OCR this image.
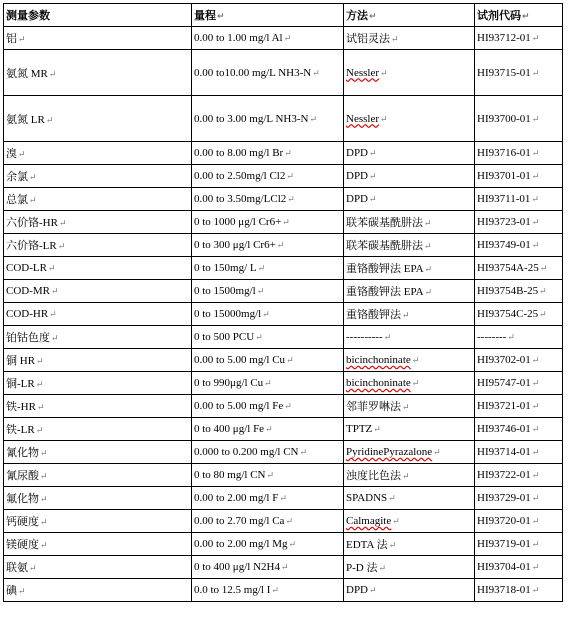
测量参数	量程↵	方法↵	试剂代码↵
铝↵	0.00 to 1.00 mg/l Al↵	试铝灵法↵	HI93712-01↵
氨氮 MR↵	0.00 to10.00 mg/L NH3-N↵	Nessler↵	HI93715-01↵
氨氮 LR↵	0.00 to 3.00 mg/L NH3-N↵	Nessler↵	HI93700-01↵
溴↵	0.00 to 8.00 mg/l Br↵	DPD↵	HI93716-01↵
余氯↵	0.00 to 2.50mg/l Cl2↵	DPD↵	HI93701-01↵
总氯↵	0.00 to 3.50mg/LCl2↵	DPD↵	HI93711-01↵
六价铬-HR↵	0 to 1000 μg/l Cr6+↵	联苯碳基酰肼法↵	HI93723-01↵
六价铬-LR↵	0 to 300 μg/l Cr6+↵	联苯碳基酰肼法↵	HI93749-01↵
COD-LR↵	0 to 150mg/ L↵	重铬酸钾法 EPA↵	HI93754A-25↵
COD-MR↵	0 to 1500mg/l↵	重铬酸钾法 EPA↵	HI93754B-25↵
COD-HR↵	0 to 15000mg/l↵	重铬酸钾法↵	HI93754C-25↵
铂钴色度↵	0 to 500 PCU↵	----------↵	--------↵
铜 HR↵	0.00 to 5.00 mg/l Cu↵	bicinchoninate↵	HI93702-01↵
铜-LR↵	0 to 990μg/l Cu↵	bicinchoninate↵	HI95747-01↵
铁-HR↵	0.00 to 5.00 mg/l Fe↵	邻菲罗啉法↵	HI93721-01↵
铁-LR↵	0 to 400 μg/l Fe↵	TPTZ↵	HI93746-01↵
氰化物↵	0.000 to 0.200 mg/l CN↵	PyridinePyrazalone↵	HI93714-01↵
氰尿酸↵	0 to 80 mg/l CN↵	浊度比色法↵	HI93722-01↵
氟化物↵	0.00 to 2.00 mg/l F↵	SPADNS↵	HI93729-01↵
钙硬度↵	0.00 to 2.70 mg/l Ca↵	Calmagite↵	HI93720-01↵
镁硬度↵	0.00 to 2.00 mg/l Mg↵	EDTA 法↵	HI93719-01↵
联氨↵	0 to 400 μg/l N2H4↵	P-D 法↵	HI93704-01↵
碘↵	0.0 to 12.5 mg/l I↵	DPD↵	HI93718-01↵
